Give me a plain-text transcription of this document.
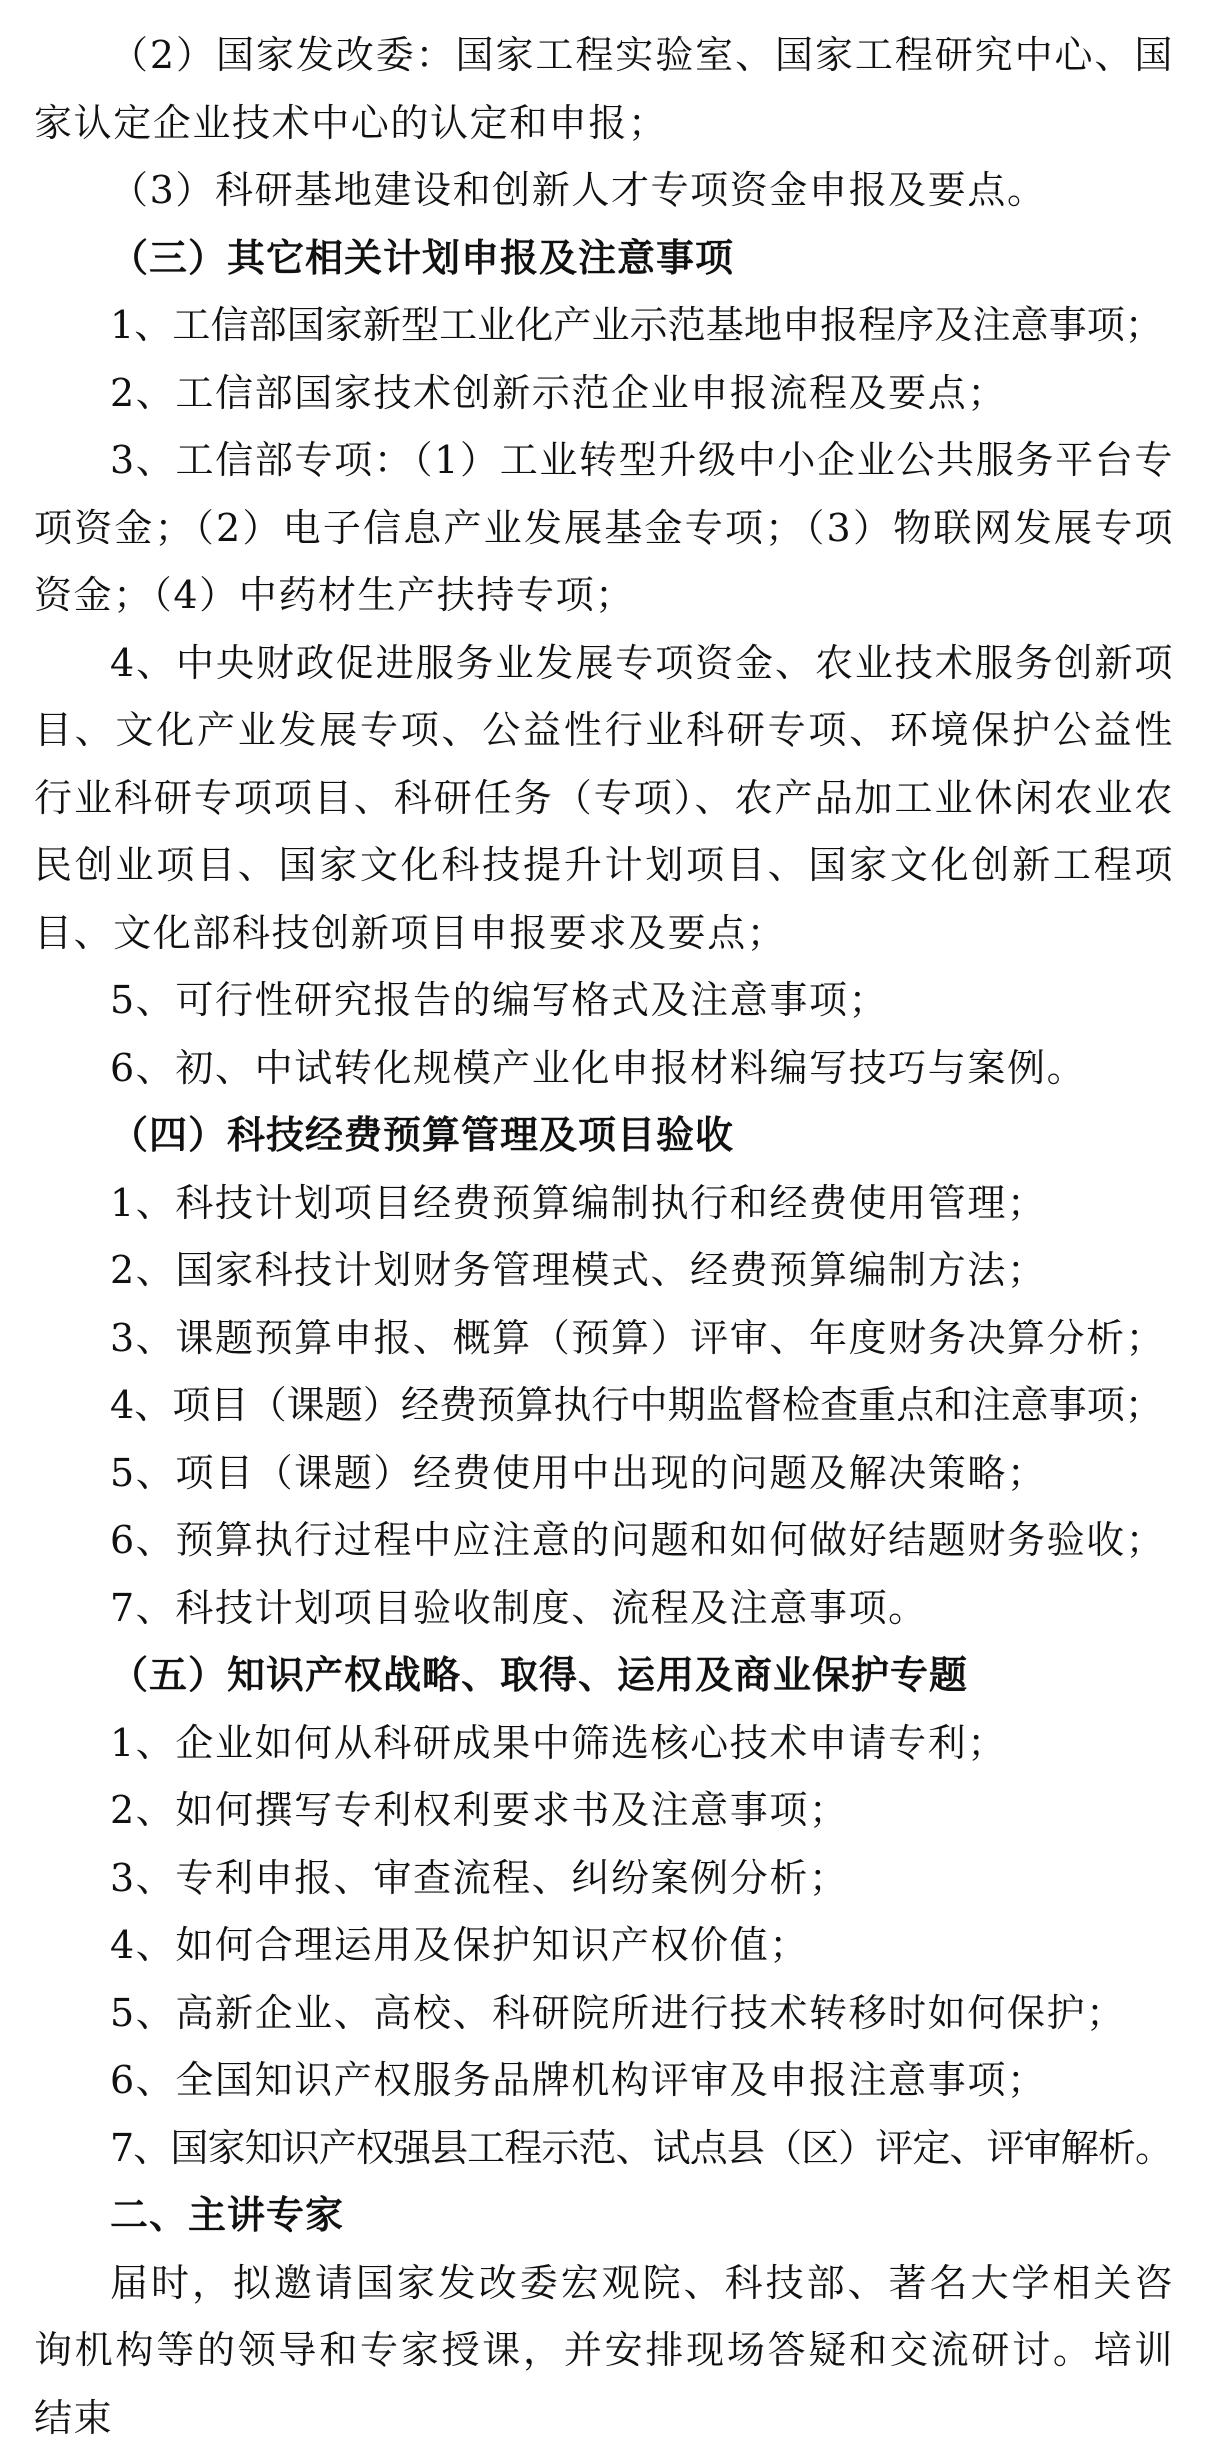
（2）国家发改委：国家工程实验室、国家工程研究中心、国家认定企业技术中心的认定和申报；

（3）科研基地建设和创新人才专项资金申报及要点。

（三）其它相关计划申报及注意事项

1、工信部国家新型工业化产业示范基地申报程序及注意事项；

2、工信部国家技术创新示范企业申报流程及要点；

3、工信部专项：（1）工业转型升级中小企业公共服务平台专项资金；（2）电子信息产业发展基金专项；（3）物联网发展专项资金；（4）中药材生产扶持专项；

4、中央财政促进服务业发展专项资金、农业技术服务创新项目、文化产业发展专项、公益性行业科研专项、环境保护公益性行业科研专项项目、科研任务（专项）、农产品加工业休闲农业农民创业项目、国家文化科技提升计划项目、国家文化创新工程项目、文化部科技创新项目申报要求及要点；

5、可行性研究报告的编写格式及注意事项；

6、初、中试转化规模产业化申报材料编写技巧与案例。

（四）科技经费预算管理及项目验收

1、科技计划项目经费预算编制执行和经费使用管理；

2、国家科技计划财务管理模式、经费预算编制方法；

3、课题预算申报、概算（预算）评审、年度财务决算分析；

4、项目（课题）经费预算执行中期监督检查重点和注意事项；

5、项目（课题）经费使用中出现的问题及解决策略；

6、预算执行过程中应注意的问题和如何做好结题财务验收；

7、科技计划项目验收制度、流程及注意事项。

（五）知识产权战略、取得、运用及商业保护专题

1、企业如何从科研成果中筛选核心技术申请专利；

2、如何撰写专利权利要求书及注意事项；

3、专利申报、审查流程、纠纷案例分析；

4、如何合理运用及保护知识产权价值；

5、高新企业、高校、科研院所进行技术转移时如何保护；

6、全国知识产权服务品牌机构评审及申报注意事项；

7、国家知识产权强县工程示范、试点县（区）评定、评审解析。

二、主讲专家

届时，拟邀请国家发改委宏观院、科技部、著名大学相关咨询机构等的领导和专家授课，并安排现场答疑和交流研讨。培训结束
